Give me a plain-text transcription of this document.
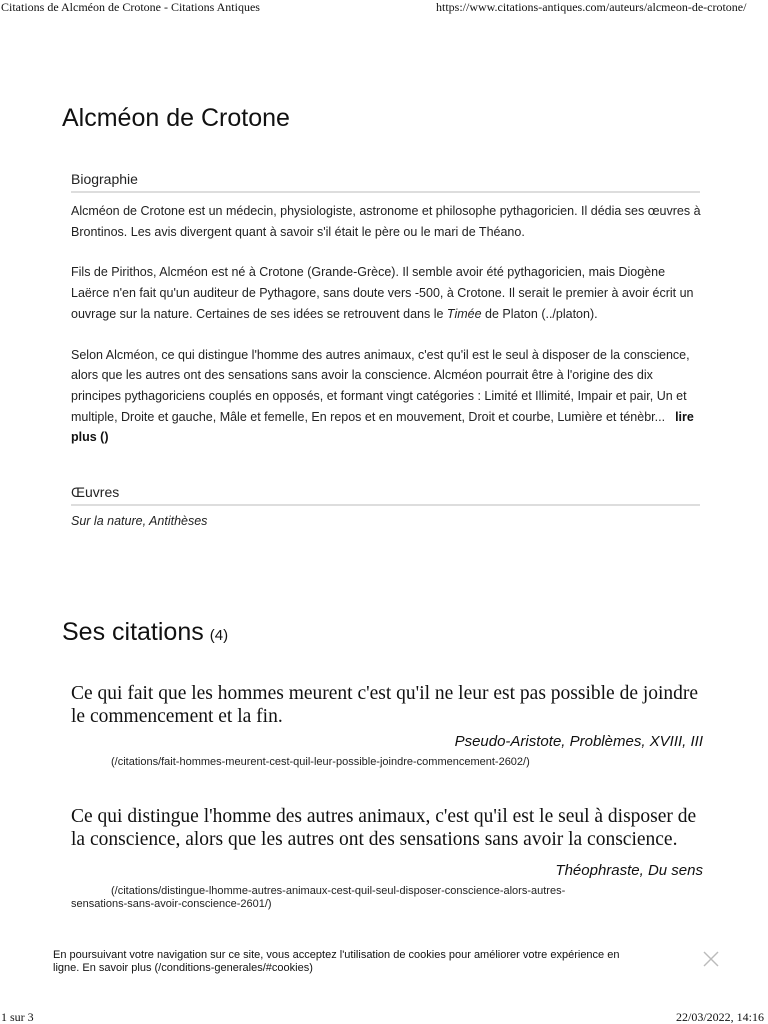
Citations de Alcméon de Crotone - Citations Antiques	https://www.citations-antiques.com/auteurs/alcmeon-de-crotone/
Alcméon de Crotone
Biographie

Alcméon de Crotone est un médecin, physiologiste, astronome et philosophe pythagoricien. Il dédia ses œuvres à Brontinos. Les avis divergent quant à savoir s'il était le père ou le mari de Théano.

Fils de Pirithos, Alcméon est né à Crotone (Grande-Grèce). Il semble avoir été pythagoricien, mais Diogène Laërce n'en fait qu'un auditeur de Pythagore, sans doute vers -500, à Crotone. Il serait le premier à avoir écrit un ouvrage sur la nature. Certaines de ses idées se retrouvent dans le Timée de Platon (../platon).

Selon Alcméon, ce qui distingue l'homme des autres animaux, c'est qu'il est le seul à disposer de la conscience, alors que les autres ont des sensations sans avoir la conscience. Alcméon pourrait être à l'origine des dix principes pythagoriciens couplés en opposés, et formant vingt catégories : Limité et Illimité, Impair et pair, Un et multiple, Droite et gauche, Mâle et femelle, En repos et en mouvement, Droit et courbe, Lumière et ténèbr... lire plus ()

Œuvres
Sur la nature, Antithèses
Ses citations (4)

Ce qui fait que les hommes meurent c'est qu'il ne leur est pas possible de joindre le commencement et la fin.

Pseudo-Aristote, Problèmes, XVIII, III
(/citations/fait-hommes-meurent-cest-quil-leur-possible-joindre-commencement-2602/)

Ce qui distingue l'homme des autres animaux, c'est qu'il est le seul à disposer de la conscience, alors que les autres ont des sensations sans avoir la conscience.

Théophraste, Du sens
(/citations/distingue-lhomme-autres-animaux-cest-quil-seul-disposer-conscience-alors-autres-
sensations-sans-avoir-conscience-2601/)
En poursuivant votre navigation sur ce site, vous acceptez l'utilisation de cookies pour améliorer votre expérience en ligne. En savoir plus (/conditions-generales/#cookies)
1 sur 3	22/03/2022, 14:16
